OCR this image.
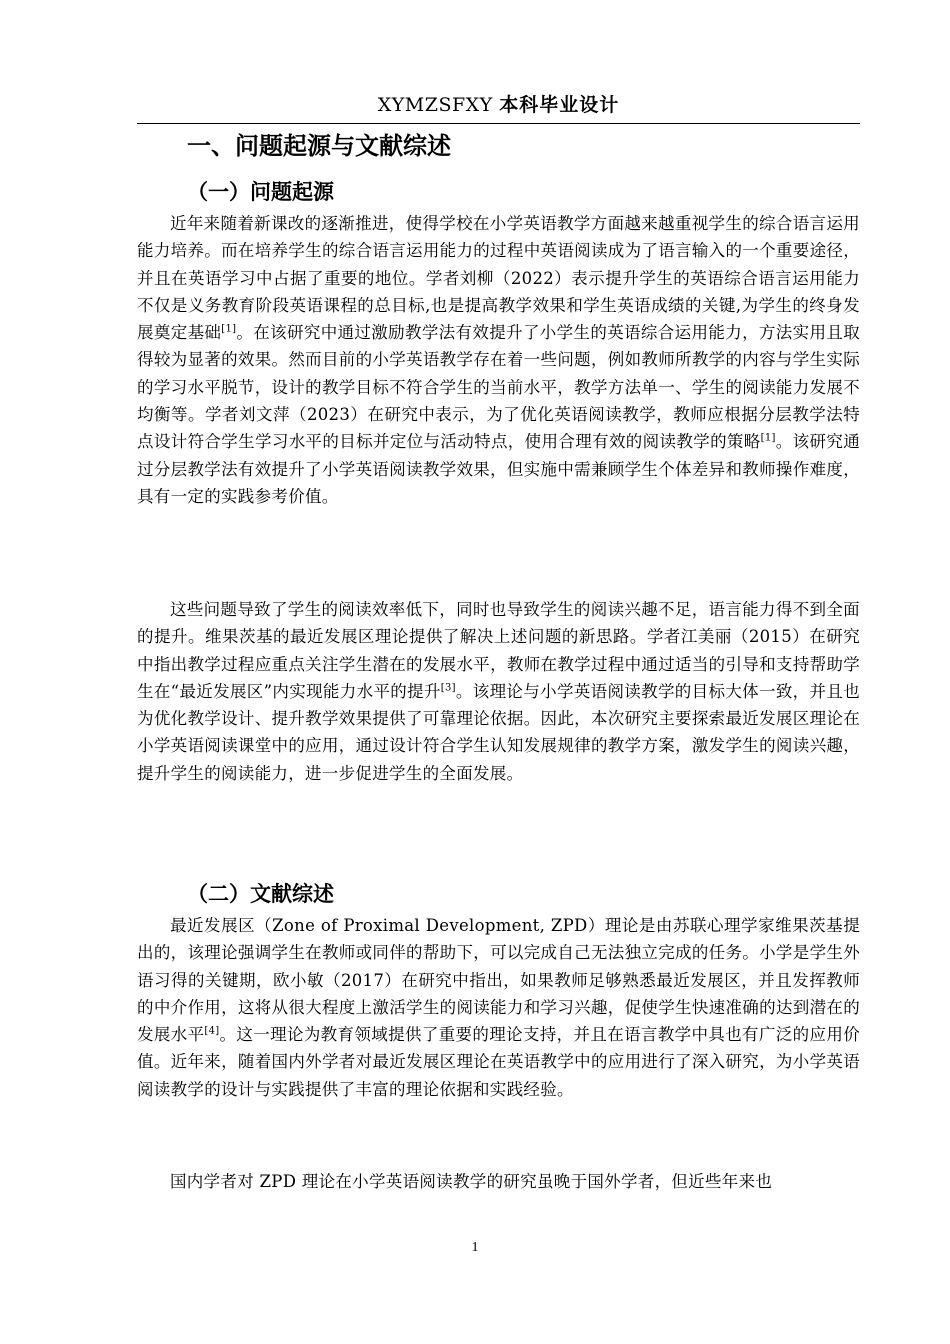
XYMZSFXY 本科毕业设计
一、问题起源与文献综述
（一）问题起源

近年来随着新课改的逐渐推进，使得学校在小学英语教学方面越来越重视学生的综合语言运用能力培养。而在培养学生的综合语言运用能力的过程中英语阅读成为了语言输入的一个重要途径，并且在英语学习中占据了重要的地位。学者刘柳（2022）表示提升学生的英语综合语言运用能力不仅是义务教育阶段英语课程的总目标,也是提高教学效果和学生英语成绩的关键,为学生的终身发展奠定基础[1]。在该研究中通过激励教学法有效提升了小学生的英语综合运用能力，方法实用且取得较为显著的效果。然而目前的小学英语教学存在着一些问题，例如教师所教学的内容与学生实际的学习水平脱节，设计的教学目标不符合学生的当前水平，教学方法单一、学生的阅读能力发展不均衡等。学者刘文萍（2023）在研究中表示，为了优化英语阅读教学，教师应根据分层教学法特点设计符合学生学习水平的目标并定位与活动特点，使用合理有效的阅读教学的策略[1]。该研究通过分层教学法有效提升了小学英语阅读教学效果，但实施中需兼顾学生个体差异和教师操作难度，具有一定的实践参考价值。

这些问题导致了学生的阅读效率低下，同时也导致学生的阅读兴趣不足，语言能力得不到全面的提升。维果茨基的最近发展区理论提供了解决上述问题的新思路。学者江美丽（2015）在研究中指出教学过程应重点关注学生潜在的发展水平，教师在教学过程中通过适当的引导和支持帮助学生在“最近发展区”内实现能力水平的提升[3]。该理论与小学英语阅读教学的目标大体一致，并且也为优化教学设计、提升教学效果提供了可靠理论依据。因此，本次研究主要探索最近发展区理论在小学英语阅读课堂中的应用，通过设计符合学生认知发展规律的教学方案，激发学生的阅读兴趣，提升学生的阅读能力，进一步促进学生的全面发展。

（二）文献综述

最近发展区（Zone of Proximal Development, ZPD）理论是由苏联心理学家维果茨基提出的，该理论强调学生在教师或同伴的帮助下，可以完成自己无法独立完成的任务。小学是学生外语习得的关键期，欧小敏（2017）在研究中指出，如果教师足够熟悉最近发展区，并且发挥教师的中介作用，这将从很大程度上激活学生的阅读能力和学习兴趣，促使学生快速准确的达到潜在的发展水平[4]。这一理论为教育领域提供了重要的理论支持，并且在语言教学中具也有广泛的应用价值。近年来，随着国内外学者对最近发展区理论在英语教学中的应用进行了深入研究，为小学英语阅读教学的设计与实践提供了丰富的理论依据和实践经验。

国内学者对 ZPD 理论在小学英语阅读教学的研究虽晚于国外学者，但近些年来也

1
